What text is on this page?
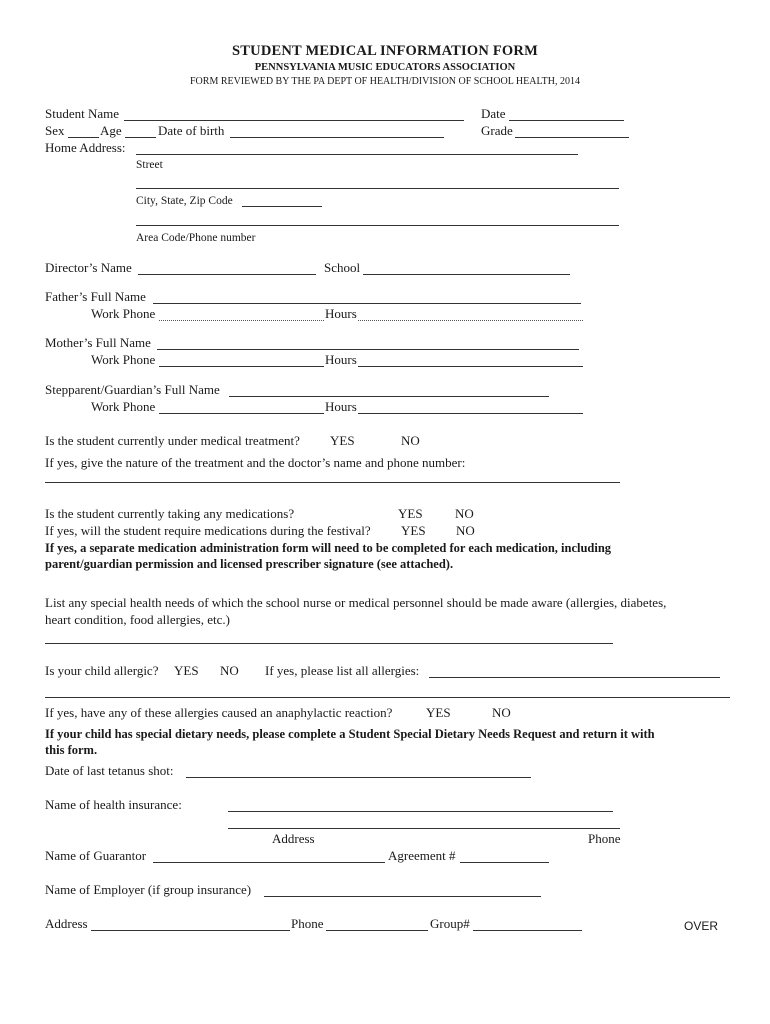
STUDENT MEDICAL INFORMATION FORM
PENNSYLVANIA MUSIC EDUCATORS ASSOCIATION
FORM REVIEWED BY THE PA DEPT OF HEALTH/DIVISION OF SCHOOL HEALTH, 2014
Student Name	Date
Sex	Age	Date of birth	Grade
Home Address:
Street
City, State, Zip Code
Area Code/Phone number
Director’s Name	School
Father’s Full Name
Work Phone	Hours
Mother’s Full Name
Work Phone	Hours
Stepparent/Guardian’s Full Name
Work Phone	Hours
Is the student currently under medical treatment? YES	NO
If yes, give the nature of the treatment and the doctor’s name and phone number:
Is the student currently taking any medications?	YES NO
If yes, will the student require medications during the festival? YES NO
If yes, a separate medication administration form will need to be completed for each medication, including
parent/guardian permission and licensed prescriber signature (see attached).
List any special health needs of which the school nurse or medical personnel should be made aware (allergies, diabetes,
heart condition, food allergies, etc.)
Is your child allergic? YES NO If yes, please list all allergies:
If yes, have any of these allergies caused an anaphylactic reaction?	YES	NO
If your child has special dietary needs, please complete a Student Special Dietary Needs Request and return it with
this form.
Date of last tetanus shot:
Name of health insurance:
Address	Phone
Name of Guarantor	Agreement #
Name of Employer (if group insurance)
Address	Phone	Group#	OVER
